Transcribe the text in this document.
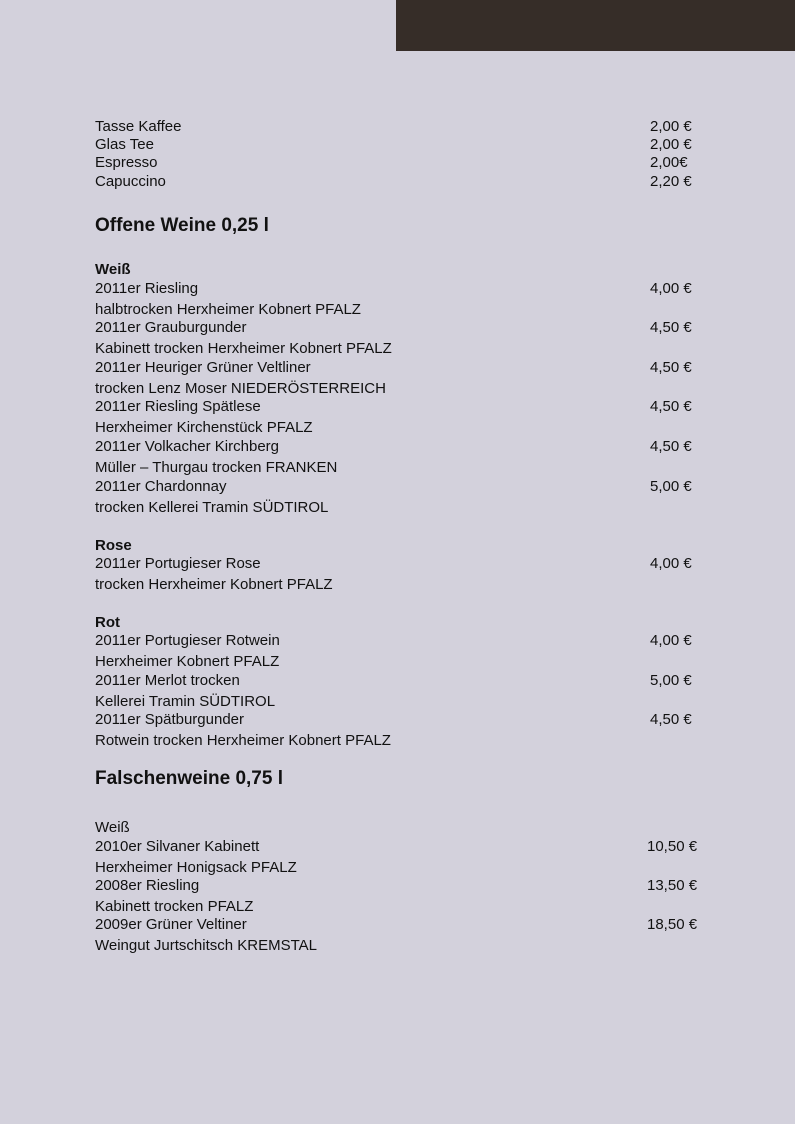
Tasse Kaffee	2,00 €
Glas Tee	2,00 €
Espresso	2,00€
Capuccino	2,20 €
Offene Weine 0,25 l
Weiß
2011er Riesling	4,00 €
halbtrocken Herxheimer Kobnert PFALZ
2011er Grauburgunder	4,50 €
Kabinett trocken Herxheimer Kobnert PFALZ
2011er Heuriger Grüner Veltliner	4,50 €
trocken Lenz Moser NIEDERÖSTERREICH
2011er Riesling Spätlese	4,50 €
Herxheimer Kirchenstück PFALZ
2011er Volkacher Kirchberg	4,50 €
Müller – Thurgau trocken FRANKEN
2011er Chardonnay	5,00 €
trocken Kellerei Tramin SÜDTIROL
Rose
2011er Portugieser Rose	4,00 €
trocken Herxheimer Kobnert PFALZ
Rot
2011er Portugieser Rotwein	4,00 €
Herxheimer Kobnert PFALZ
2011er Merlot trocken	5,00 €
Kellerei Tramin SÜDTIROL
2011er Spätburgunder	4,50 €
Rotwein trocken Herxheimer Kobnert PFALZ
Falschenweine 0,75 l
Weiß
2010er Silvaner Kabinett	10,50 €
Herxheimer Honigsack PFALZ
2008er Riesling	13,50 €
Kabinett trocken PFALZ
2009er Grüner Veltiner	18,50 €
Weingut Jurtschitsch KREMSTAL
